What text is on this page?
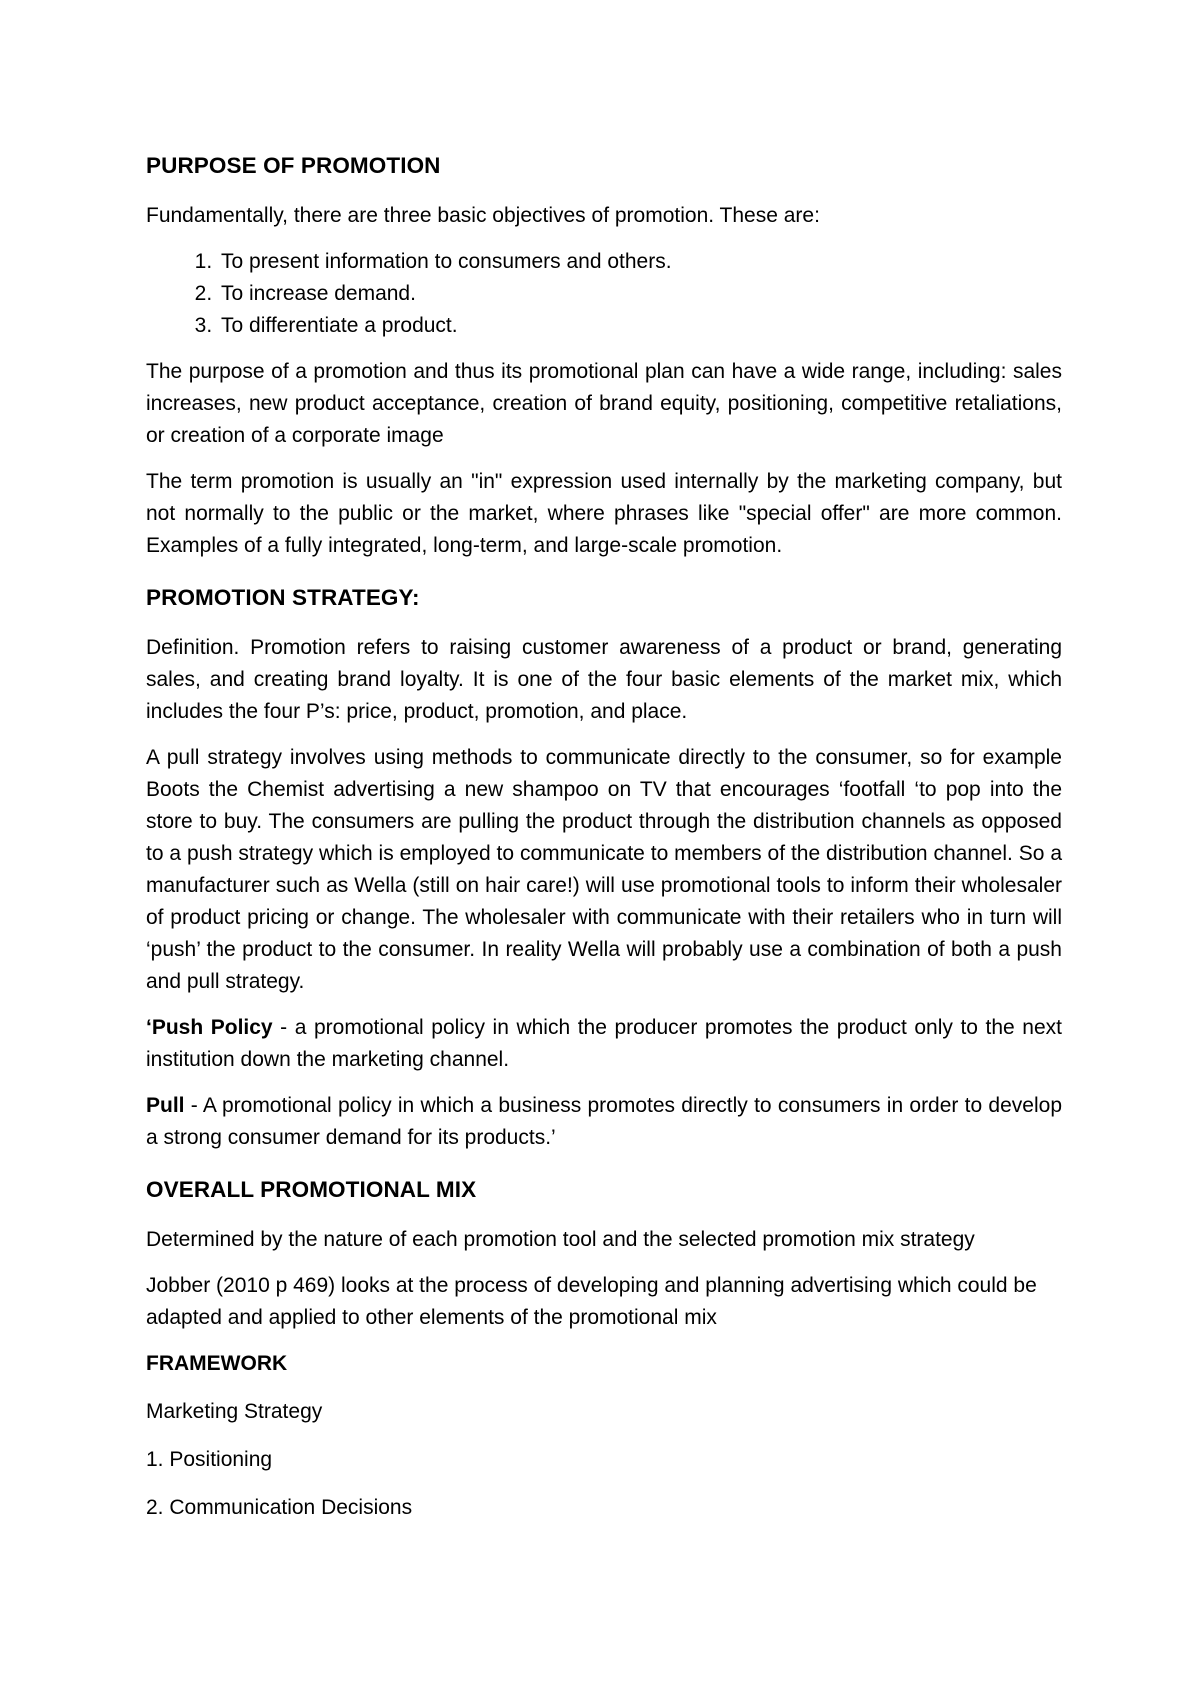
PURPOSE OF PROMOTION

Fundamentally, there are three basic objectives of promotion. These are:

1. To present information to consumers and others.
2. To increase demand.
3. To differentiate a product.

The purpose of a promotion and thus its promotional plan can have a wide range, including: sales increases, new product acceptance, creation of brand equity, positioning, competitive retaliations, or creation of a corporate image

The term promotion is usually an "in" expression used internally by the marketing company, but not normally to the public or the market, where phrases like "special offer" are more common. Examples of a fully integrated, long-term, and large-scale promotion.

PROMOTION STRATEGY:

Definition. Promotion refers to raising customer awareness of a product or brand, generating sales, and creating brand loyalty. It is one of the four basic elements of the market mix, which includes the four P’s: price, product, promotion, and place.

A pull strategy involves using methods to communicate directly to the consumer, so for example Boots the Chemist advertising a new shampoo on TV that encourages ‘footfall ‘to pop into the store to buy. The consumers are pulling the product through the distribution channels as opposed to a push strategy which is employed to communicate to members of the distribution channel. So a manufacturer such as Wella (still on hair care!) will use promotional tools to inform their wholesaler of product pricing or change. The wholesaler with communicate with their retailers who in turn will ‘push’ the product to the consumer. In reality Wella will probably use a combination of both a push and pull strategy.

‘Push Policy - a promotional policy in which the producer promotes the product only to the next institution down the marketing channel.

Pull - A promotional policy in which a business promotes directly to consumers in order to develop a strong consumer demand for its products.’

OVERALL PROMOTIONAL MIX

Determined by the nature of each promotion tool and the selected promotion mix strategy

Jobber (2010 p 469) looks at the process of developing and planning advertising which could be adapted and applied to other elements of the promotional mix

FRAMEWORK
Marketing Strategy
1. Positioning
2. Communication Decisions
